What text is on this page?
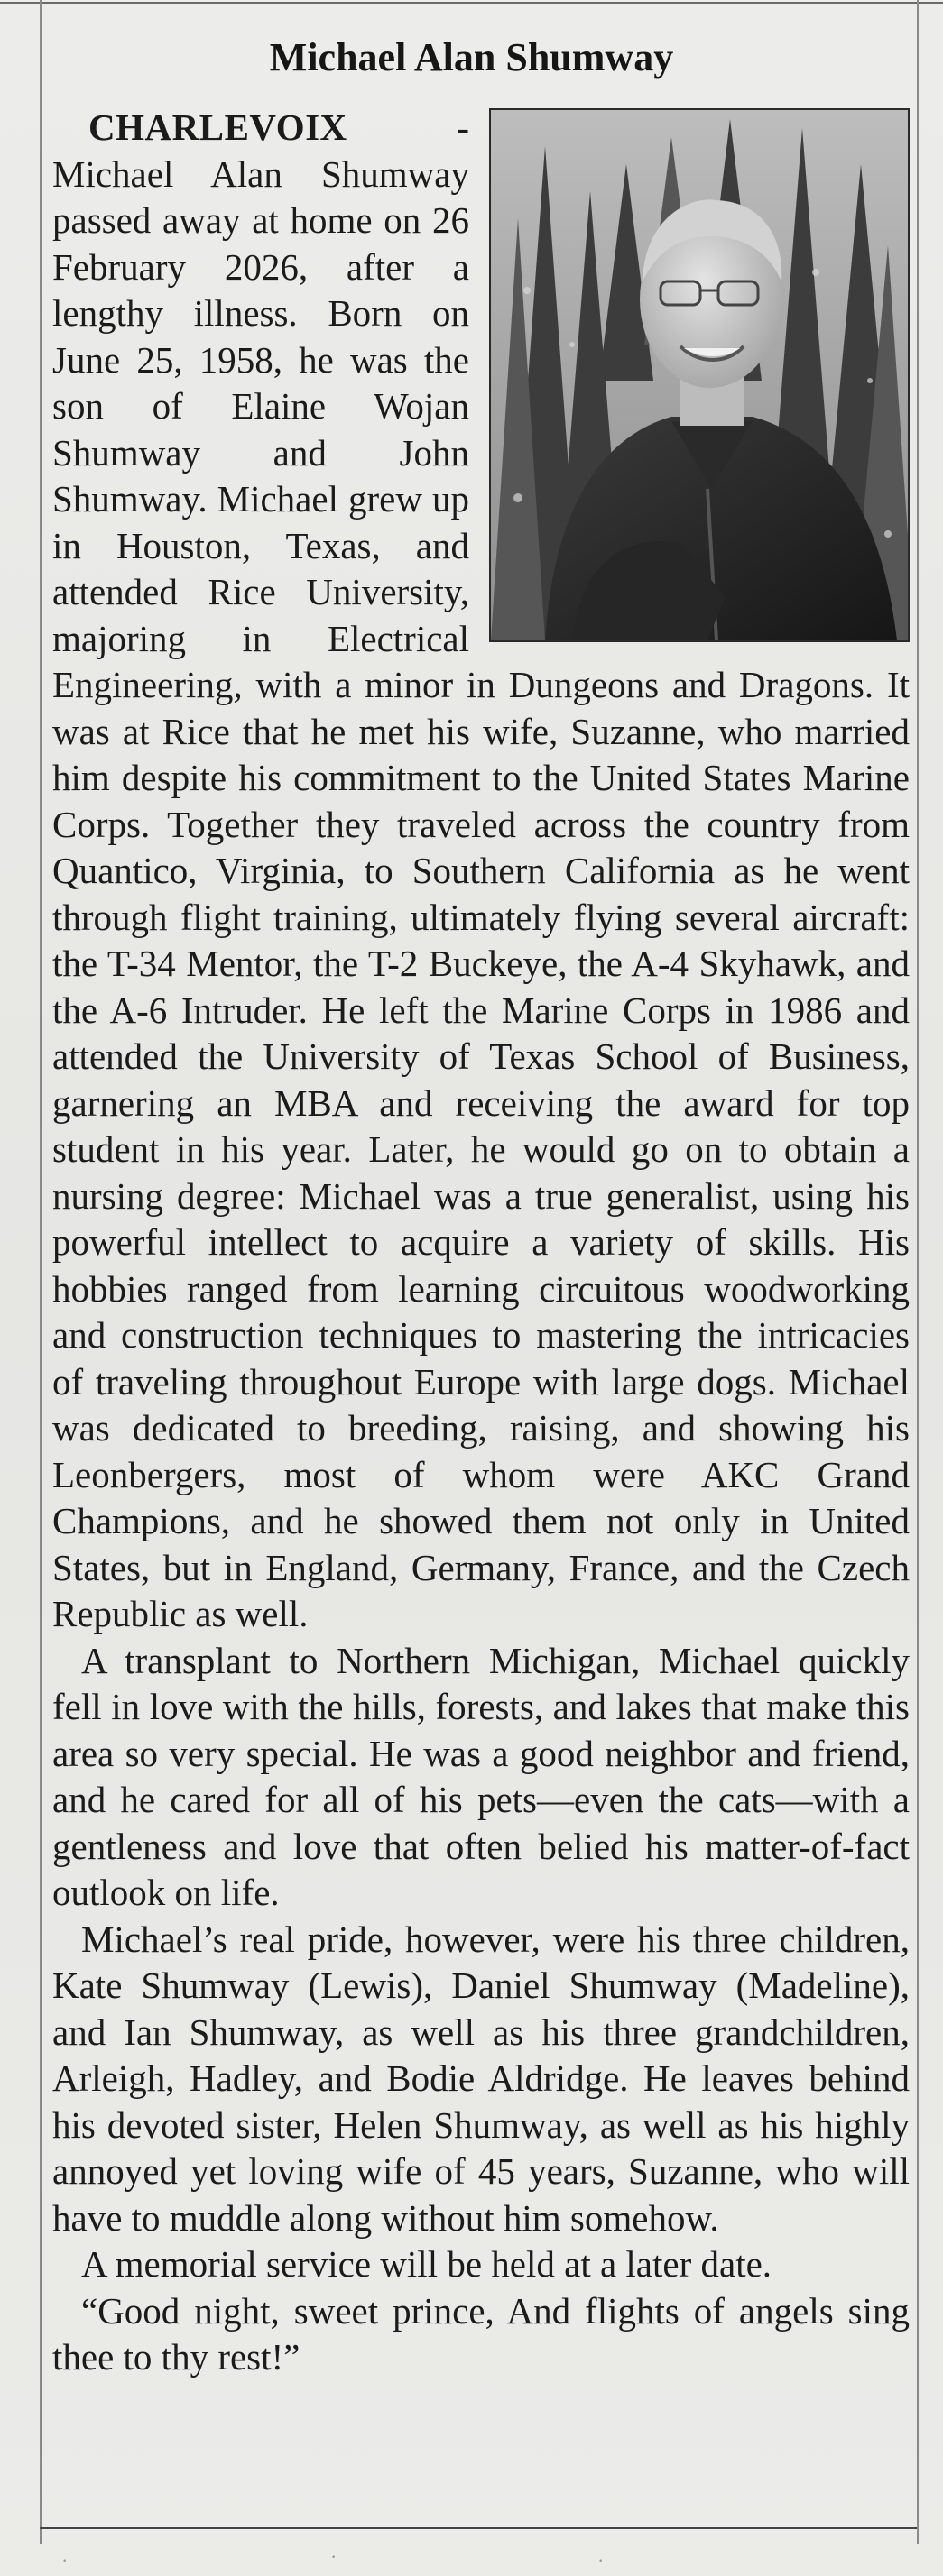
Michael Alan Shumway

CHARLEVOIX - Michael Alan Shumway passed away at home on 26 February 2026, after a lengthy illness. Born on June 25, 1958, he was the son of Elaine Wojan Shumway and John Shumway. Michael grew up in Houston, Texas, and attended Rice University, majoring in Electrical Engineering, with a minor in Dungeons and Dragons. It was at Rice that he met his wife, Suzanne, who married him despite his commitment to the United States Marine Corps. Together they traveled across the country from Quantico, Virginia, to Southern California as he went through flight training, ultimately flying several aircraft: the T-34 Mentor, the T-2 Buckeye, the A-4 Skyhawk, and the A-6 Intruder. He left the Marine Corps in 1986 and attended the University of Texas School of Business, garnering an MBA and receiving the award for top student in his year. Later, he would go on to obtain a nursing degree: Michael was a true generalist, using his powerful intellect to acquire a variety of skills. His hobbies ranged from learning circuitous woodworking and construction techniques to mastering the intricacies of traveling throughout Europe with large dogs. Michael was dedicated to breeding, raising, and showing his Leonbergers, most of whom were AKC Grand Champions, and he showed them not only in United States, but in England, Germany, France, and the Czech Republic as well.

A transplant to Northern Michigan, Michael quickly fell in love with the hills, forests, and lakes that make this area so very special. He was a good neighbor and friend, and he cared for all of his pets—even the cats—with a gentleness and love that often belied his matter-of-fact outlook on life.

Michael’s real pride, however, were his three children, Kate Shumway (Lewis), Daniel Shumway (Madeline), and Ian Shumway, as well as his three grandchildren, Arleigh, Hadley, and Bodie Aldridge. He leaves behind his devoted sister, Helen Shumway, as well as his highly annoyed yet loving wife of 45 years, Suzanne, who will have to muddle along without him somehow.

A memorial service will be held at a later date.

“Good night, sweet prince, And flights of angels sing thee to thy rest!”

·	·	·
